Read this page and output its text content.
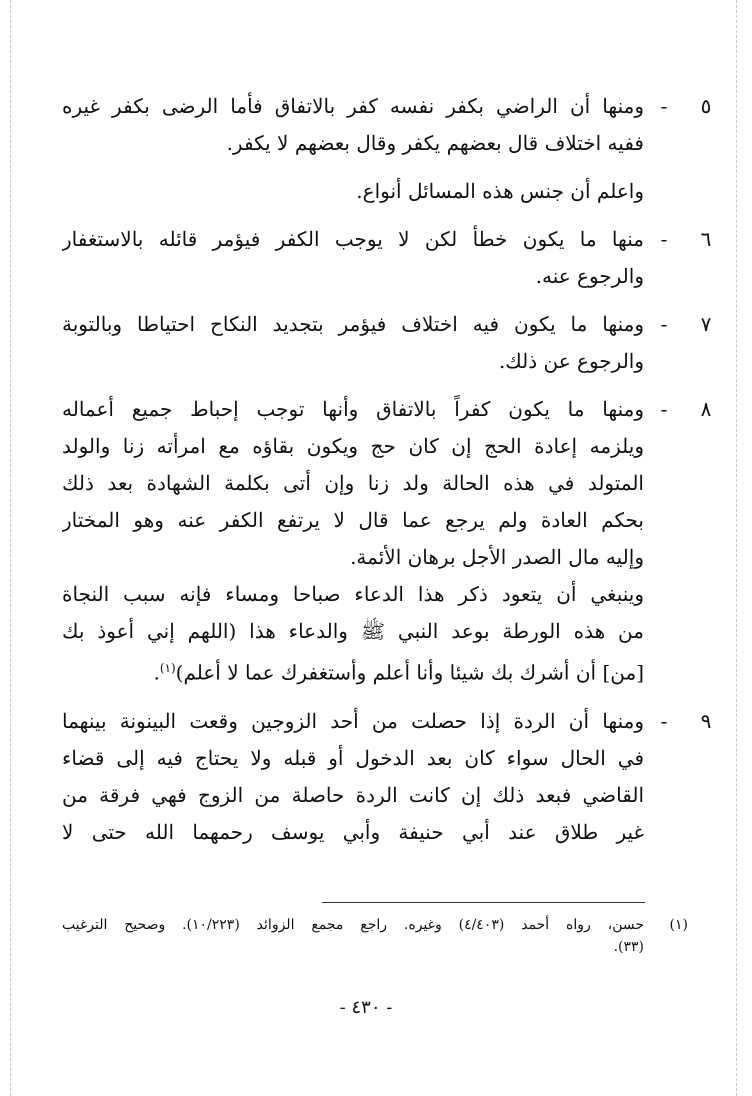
٥
-
ومنها أن الراضي بكفر نفسه كفر بالاتفاق فأما الرضى بكفر غيره
ففيه اختلاف قال بعضهم يكفر وقال بعضهم لا يكفر.
واعلم أن جنس هذه المسائل أنواع.
٦
-
منها ما يكون خطأ لكن لا يوجب الكفر فيؤمر قائله بالاستغفار
والرجوع عنه.
٧
-
ومنها ما يكون فيه اختلاف فيؤمر بتجديد النكاح احتياطا وبالتوبة
والرجوع عن ذلك.
٨
-
ومنها ما يكون كفراً بالاتفاق وأنها توجب إحباط جميع أعماله
ويلزمه إعادة الحج إن كان حج ويكون بقاؤه مع امرأته زنا والولد
المتولد في هذه الحالة ولد زنا وإن أتى بكلمة الشهادة بعد ذلك
بحكم العادة ولم يرجع عما قال لا يرتفع الكفر عنه وهو المختار
وإليه مال الصدر الأجل برهان الأئمة.
وينبغي أن يتعود ذكر هذا الدعاء صباحا ومساء فإنه سبب النجاة
من هذه الورطة بوعد النبي ﷺ والدعاء هذا (اللهم إني أعوذ بك
[من] أن أشرك بك شيئا وأنا أعلم وأستغفرك عما لا أعلم)$^{(١)}$.
٩
-
ومنها أن الردة إذا حصلت من أحد الزوجين وقعت البينونة بينهما
في الحال سواء كان بعد الدخول أو قبله ولا يحتاج فيه إلى قضاء
القاضي فبعد ذلك إن كانت الردة حاصلة من الزوج فهي فرقة من
غير طلاق عند أبي حنيفة وأبي يوسف رحمهما الله حتى لا
(١)
حسن، رواه أحمد (٤/٤٠٣) وغيره. راجع مجمع الزوائد (١٠/٢٢٣). وصحيح الترغيب
(٣٣).
- ٤٣٠ -
